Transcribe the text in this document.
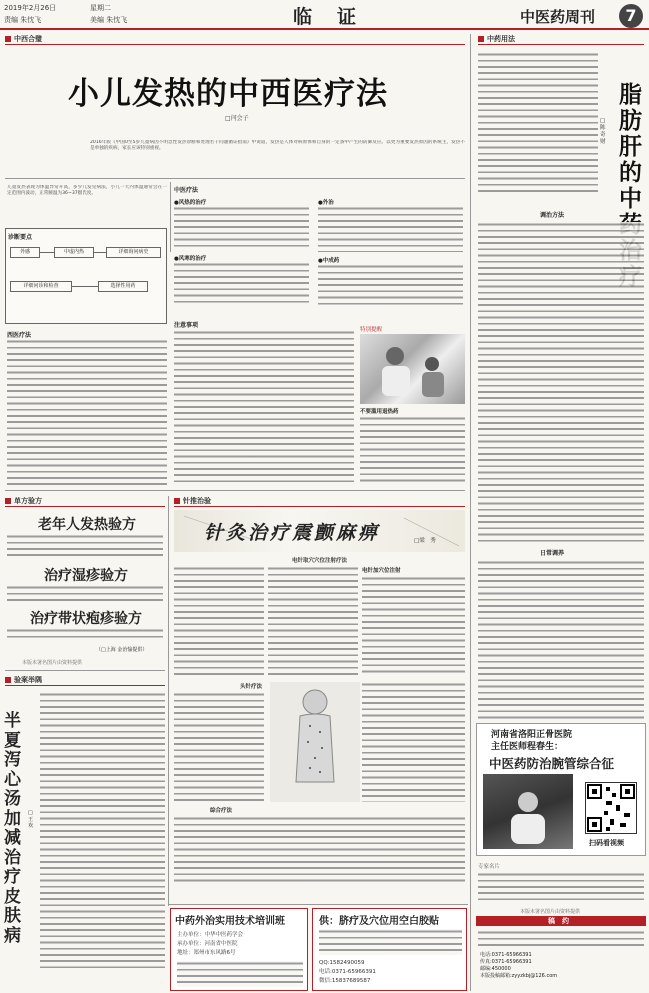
2019年2月26日	星期二
责编 朱忱飞	美编 朱忱飞	临　证	中医药周刊	7
中西合璧
小儿发热的中西医疗法
□闫会子
2016年版《中国0至5岁儿童病因不明急性发热诊断和处理若干问题循证指南》中说道，发热是人体对病原体和自身的一定条中产生的防御反应。以更为重要发热原因的系统主，发热不是单独的疾病，家长应该特别重视。
儿童发热表现为体温异常升高，多少儿发见病法，小儿一天内体温通常会在一定范围内波动，正常腋温为36~37摄氏度。
诊断要点
外感	中虚内热	详细询问病史
详细问诊和检查	选择性用药
西医疗法
中医疗法
●风热的治疗
●风寒的治疗
●外治
●中成药
注意事项
特别提醒
不要滥用退热药
中药用法
脂肪肝的中
□陈奇财
调治方法
日常调养
河南省洛阳正骨医院
主任医师程春生：
中医药防治腕管综合征
扫码看视频
专家名片
本版未署名图片由资料提供
稿　约
电话:0371-65966391
传真:0371-65966391
邮编:450000
本版投稿邮箱:zyyzkbj@126.com
单方验方
老年人发热验方
治疗湿疹验方
治疗带状疱疹验方
（□上海 金治愉提供）
本版未署名图片由资料提供
验案举隅
半夏泻心汤加减治疗皮肤病
□王　欢
针推治验
针灸治疗震颤麻痹	□梁　秀
电针取穴穴位注射疗法
电针加穴位注射
头针疗法
综合疗法
中药外治实用技术培训班
主办单位：中华中医药学会
承办单位：河南省中医院
地址：郑州市东风路6号
供：脐疗及穴位用空白胶贴
QQ:1582490059
电话:0371-65966391
微信:15837689587
